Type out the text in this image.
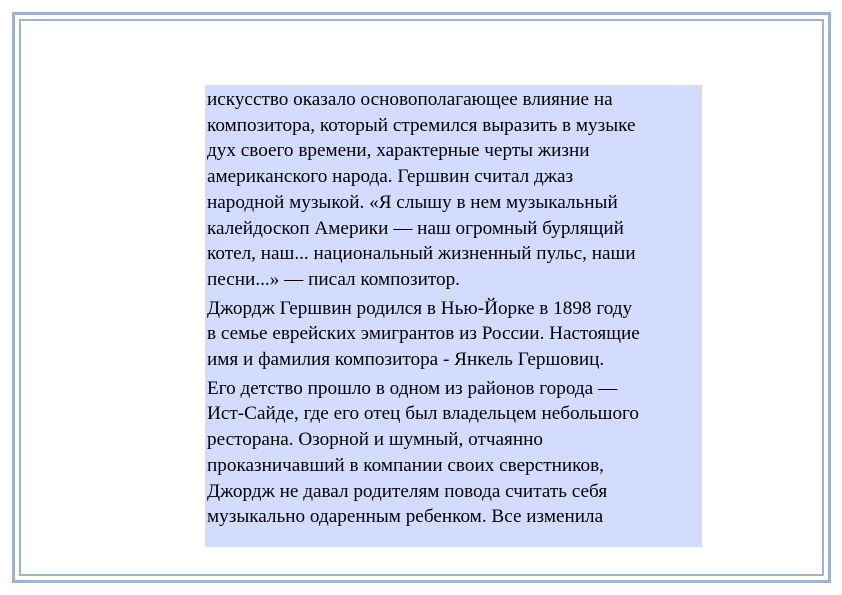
искусство оказало основополагающее влияние на
композитора, который стремился выразить в музыке
дух своего времени, характерные черты жизни
американского народа. Гершвин считал джаз
народной музыкой. «Я слышу в нем музыкальный
калейдоскоп Америки — наш огромный бурлящий
котел, наш... национальный жизненный пульс, наши
песни...» — писал композитор.

Джордж Гершвин родился в Нью-Йорке в 1898 году
в семье еврейских эмигрантов из России. Настоящие
имя и фамилия композитора - Янкель Гершовиц.

Его детство прошло в одном из районов города —
Ист-Сайде, где его отец был владельцем небольшого
ресторана. Озорной и шумный, отчаянно
проказничавший в компании своих сверстников,
Джордж не давал родителям повода считать себя
музыкально одаренным ребенком. Все изменила
